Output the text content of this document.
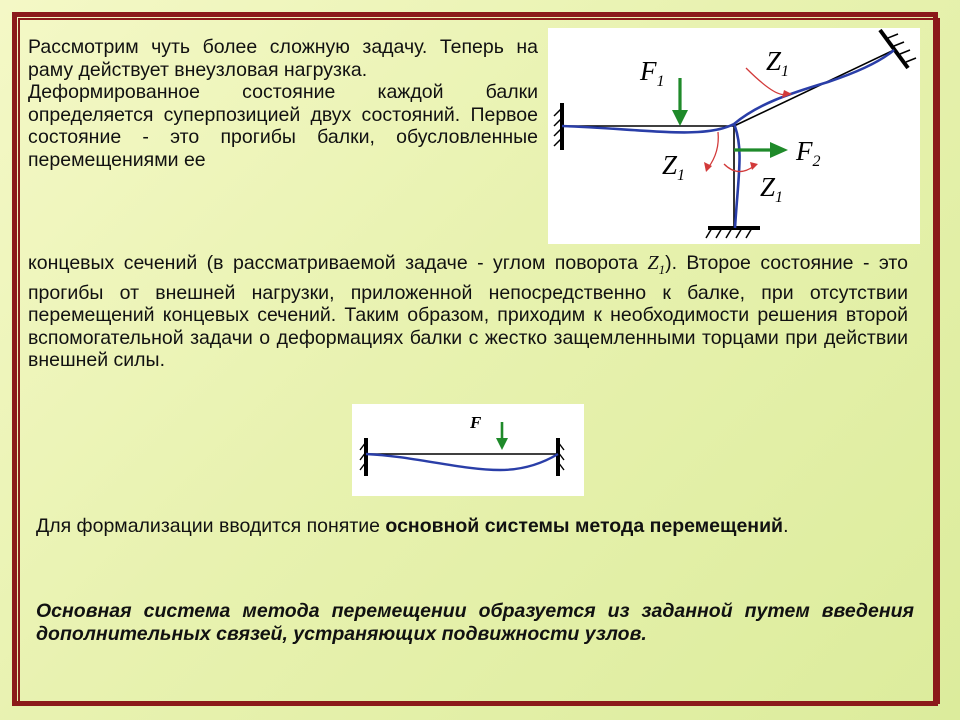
Рассмотрим чуть более сложную задачу. Теперь на раму действует внеузловая нагрузка.

Деформированное состояние каждой балки определяется суперпозицией двух состояний. Первое состояние - это прогибы балки, обусловленные перемещениями ее

$F_1$
$Z_1$
$F_2$
$Z_1$	$Z_1$
концевых сечений (в рассматриваемой задаче - углом поворота $Z_1$). Второе состояние - это прогибы от внешней нагрузки, приложенной непосредственно к балке, при отсутствии перемещений концевых сечений. Таким образом, приходим к необходимости решения второй вспомогательной задачи о деформациях балки с жестко защемленными торцами при действии внешней силы.
F
Для формализации вводится понятие основной системы метода перемещений.
Основная система метода перемещении образуется из заданной путем введения дополнительных связей, устраняющих подвижности узлов.
